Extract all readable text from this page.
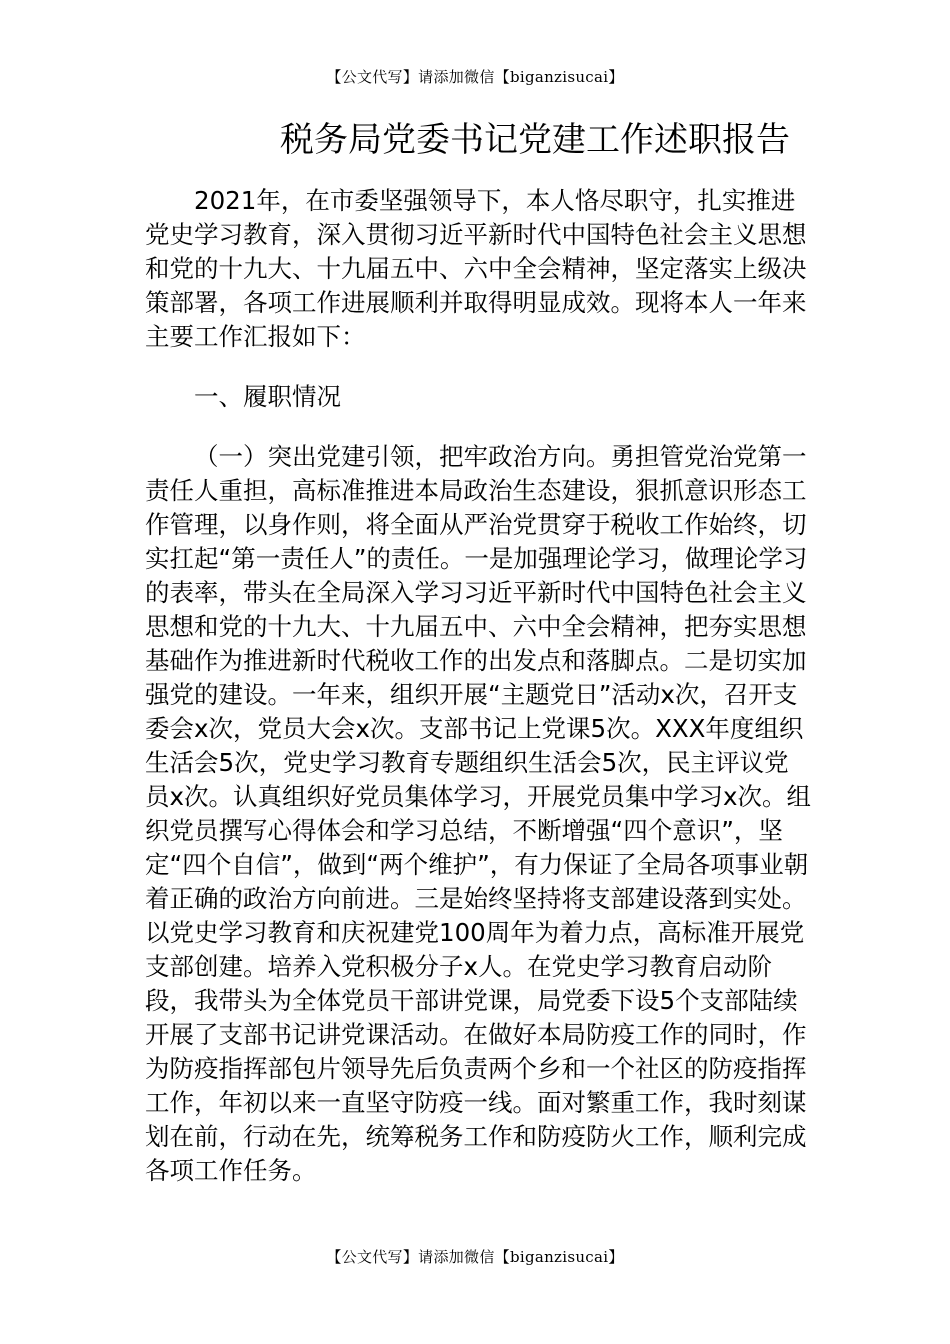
【公文代写】请添加微信【biganzisucai】
税务局党委书记党建工作述职报告

2021年，在市委坚强领导下，本人恪尽职守，扎实推进党史学习教育，深入贯彻习近平新时代中国特色社会主义思想和党的十九大、十九届五中、六中全会精神，坚定落实上级决策部署，各项工作进展顺利并取得明显成效。现将本人一年来主要工作汇报如下：

一、履职情况

（一）突出党建引领，把牢政治方向。勇担管党治党第一责任人重担，高标准推进本局政治生态建设，狠抓意识形态工作管理，以身作则，将全面从严治党贯穿于税收工作始终，切实扛起“第一责任人”的责任。一是加强理论学习，做理论学习的表率，带头在全局深入学习习近平新时代中国特色社会主义思想和党的十九大、十九届五中、六中全会精神，把夯实思想基础作为推进新时代税收工作的出发点和落脚点。二是切实加强党的建设。一年来，组织开展“主题党日”活动x次，召开支委会x次，党员大会x次。支部书记上党课5次。XXX年度组织生活会5次，党史学习教育专题组织生活会5次，民主评议党员x次。认真组织好党员集体学习，开展党员集中学习x次。组织党员撰写心得体会和学习总结，不断增强“四个意识”，坚定“四个自信”，做到“两个维护”，有力保证了全局各项事业朝着正确的政治方向前进。三是始终坚持将支部建设落到实处。以党史学习教育和庆祝建党100周年为着力点，高标准开展党支部创建。培养入党积极分子x人。在党史学习教育启动阶段，我带头为全体党员干部讲党课，局党委下设5个支部陆续开展了支部书记讲党课活动。在做好本局防疫工作的同时，作为防疫指挥部包片领导先后负责两个乡和一个社区的防疫指挥工作，年初以来一直坚守防疫一线。面对繁重工作，我时刻谋划在前，行动在先，统筹税务工作和防疫防火工作，顺利完成各项工作任务。

【公文代写】请添加微信【biganzisucai】
